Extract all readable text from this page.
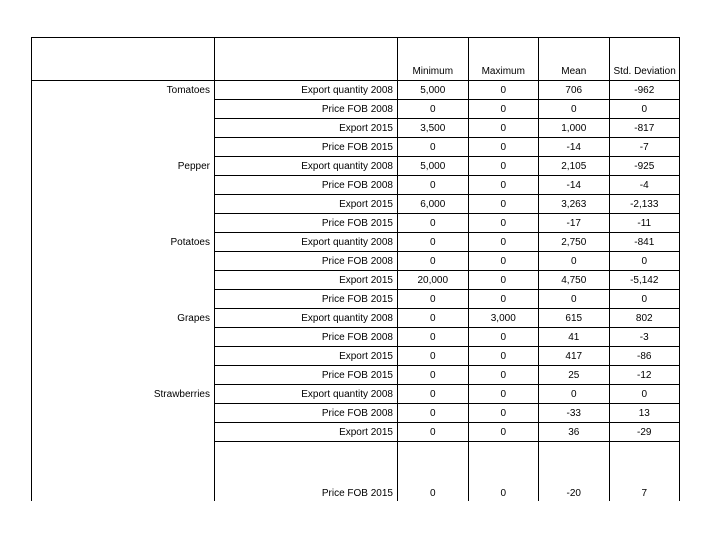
		Minimum	Maximum	Mean	Std. Deviation
Tomatoes	Export quantity 2008	5,000	0	706	-962
	Price FOB 2008	0	0	0	0
	Export 2015	3,500	0	1,000	-817
	Price FOB 2015	0	0	-14	-7
Pepper	Export quantity 2008	5,000	0	2,105	-925
	Price FOB 2008	0	0	-14	-4
	Export 2015	6,000	0	3,263	-2,133
	Price FOB 2015	0	0	-17	-11
Potatoes	Export quantity 2008	0	0	2,750	-841
	Price FOB 2008	0	0	0	0
	Export 2015	20,000	0	4,750	-5,142
	Price FOB 2015	0	0	0	0
Grapes	Export quantity 2008	0	3,000	615	802
	Price FOB 2008	0	0	41	-3
	Export 2015	0	0	417	-86
	Price FOB 2015	0	0	25	-12
Strawberries	Export quantity 2008	0	0	0	0
	Price FOB 2008	0	0	-33	13
	Export 2015	0	0	36	-29
	Price FOB 2015	0	0	-20	7
